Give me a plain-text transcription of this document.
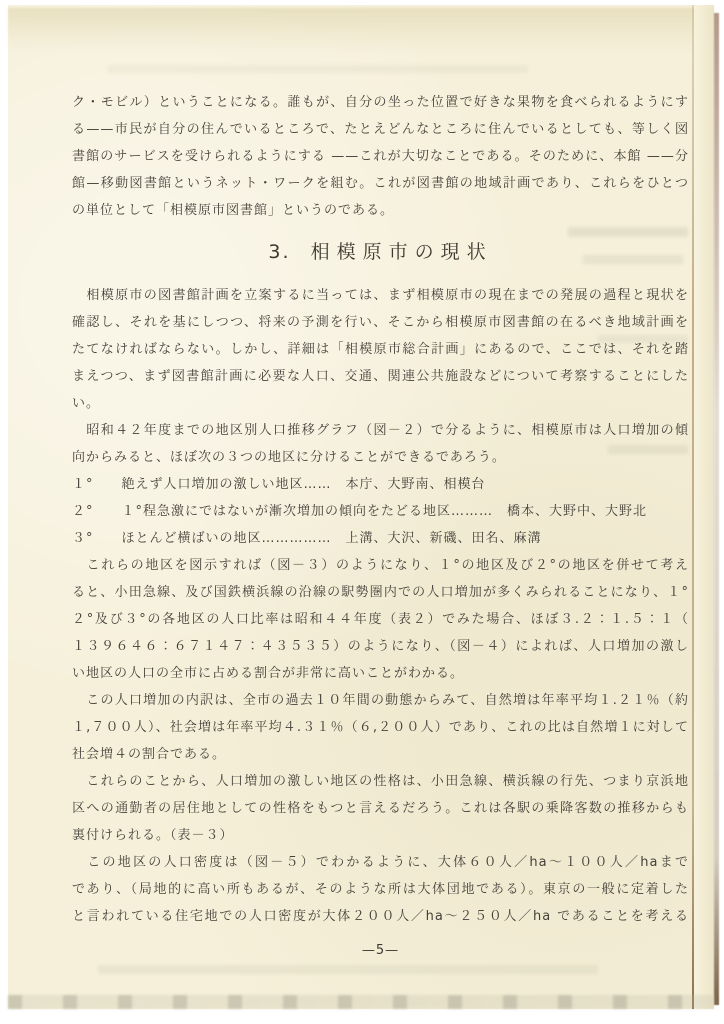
ク・モビル）ということになる。誰もが、自分の坐った位置で好きな果物を食べられるようにす
る——市民が自分の住んでいるところで、たとえどんなところに住んでいるとしても、等しく図
書館のサービスを受けられるようにする ——これが大切なことである。そのために、本館 ——分
館—移動図書館というネット・ワークを組む。これが図書館の地域計画であり、これらをひとつ
の単位として「相模原市図書館」というのである。
3. 相模原市の現状
　相模原市の図書館計画を立案するに当っては、まず相模原市の現在までの発展の過程と現状を
確認し、それを基にしつつ、将来の予測を行い、そこから相模原市図書館の在るべき地域計画を
たてなければならない。しかし、詳細は「相模原市総合計画」にあるので、ここでは、それを踏
まえつつ、まず図書館計画に必要な人口、交通、関連公共施設などについて考察することにした
い。
　昭和４２年度までの地区別人口推移グラフ（図－２）で分るように、相模原市は人口増加の傾
向からみると、ほぼ次の３つの地区に分けることができるであろう。
１°　　絶えず人口増加の激しい地区……　本庁、大野南、相模台
２°　　１°程急激にではないが漸次増加の傾向をたどる地区………　橋本、大野中、大野北
３°　　ほとんど横ばいの地区……………　上溝、大沢、新磯、田名、麻溝
　これらの地区を図示すれば（図－３）のようになり、１°の地区及び２°の地区を併せて考え
ると、小田急線、及び国鉄横浜線の沿線の駅勢圏内での人口増加が多くみられることになり、１°
２°及び３°の各地区の人口比率は昭和４４年度（表２）でみた場合、ほぼ３.２：１.５：１（
１３９６４６：６７１４７：４３５３５）のようになり、（図－４）によれば、人口増加の激し
い地区の人口の全市に占める割合が非常に高いことがわかる。
　この人口増加の内訳は、全市の過去１０年間の動態からみて、自然増は年率平均１.２１％（約
１,７００人）、社会増は年率平均４.３１％（６,２００人）であり、これの比は自然増１に対して
社会増４の割合である。
　これらのことから、人口増加の激しい地区の性格は、小田急線、横浜線の行先、つまり京浜地
区への通勤者の居住地としての性格をもつと言えるだろう。これは各駅の乗降客数の推移からも
裏付けられる。（表－３）
　この地区の人口密度は（図－５）でわかるように、大体６０人／ha～１００人／haまで
であり、（局地的に高い所もあるが、そのような所は大体団地である）。東京の一般に定着した
と言われている住宅地での人口密度が大体２００人／ha～２５０人／ha であることを考える
—5—
